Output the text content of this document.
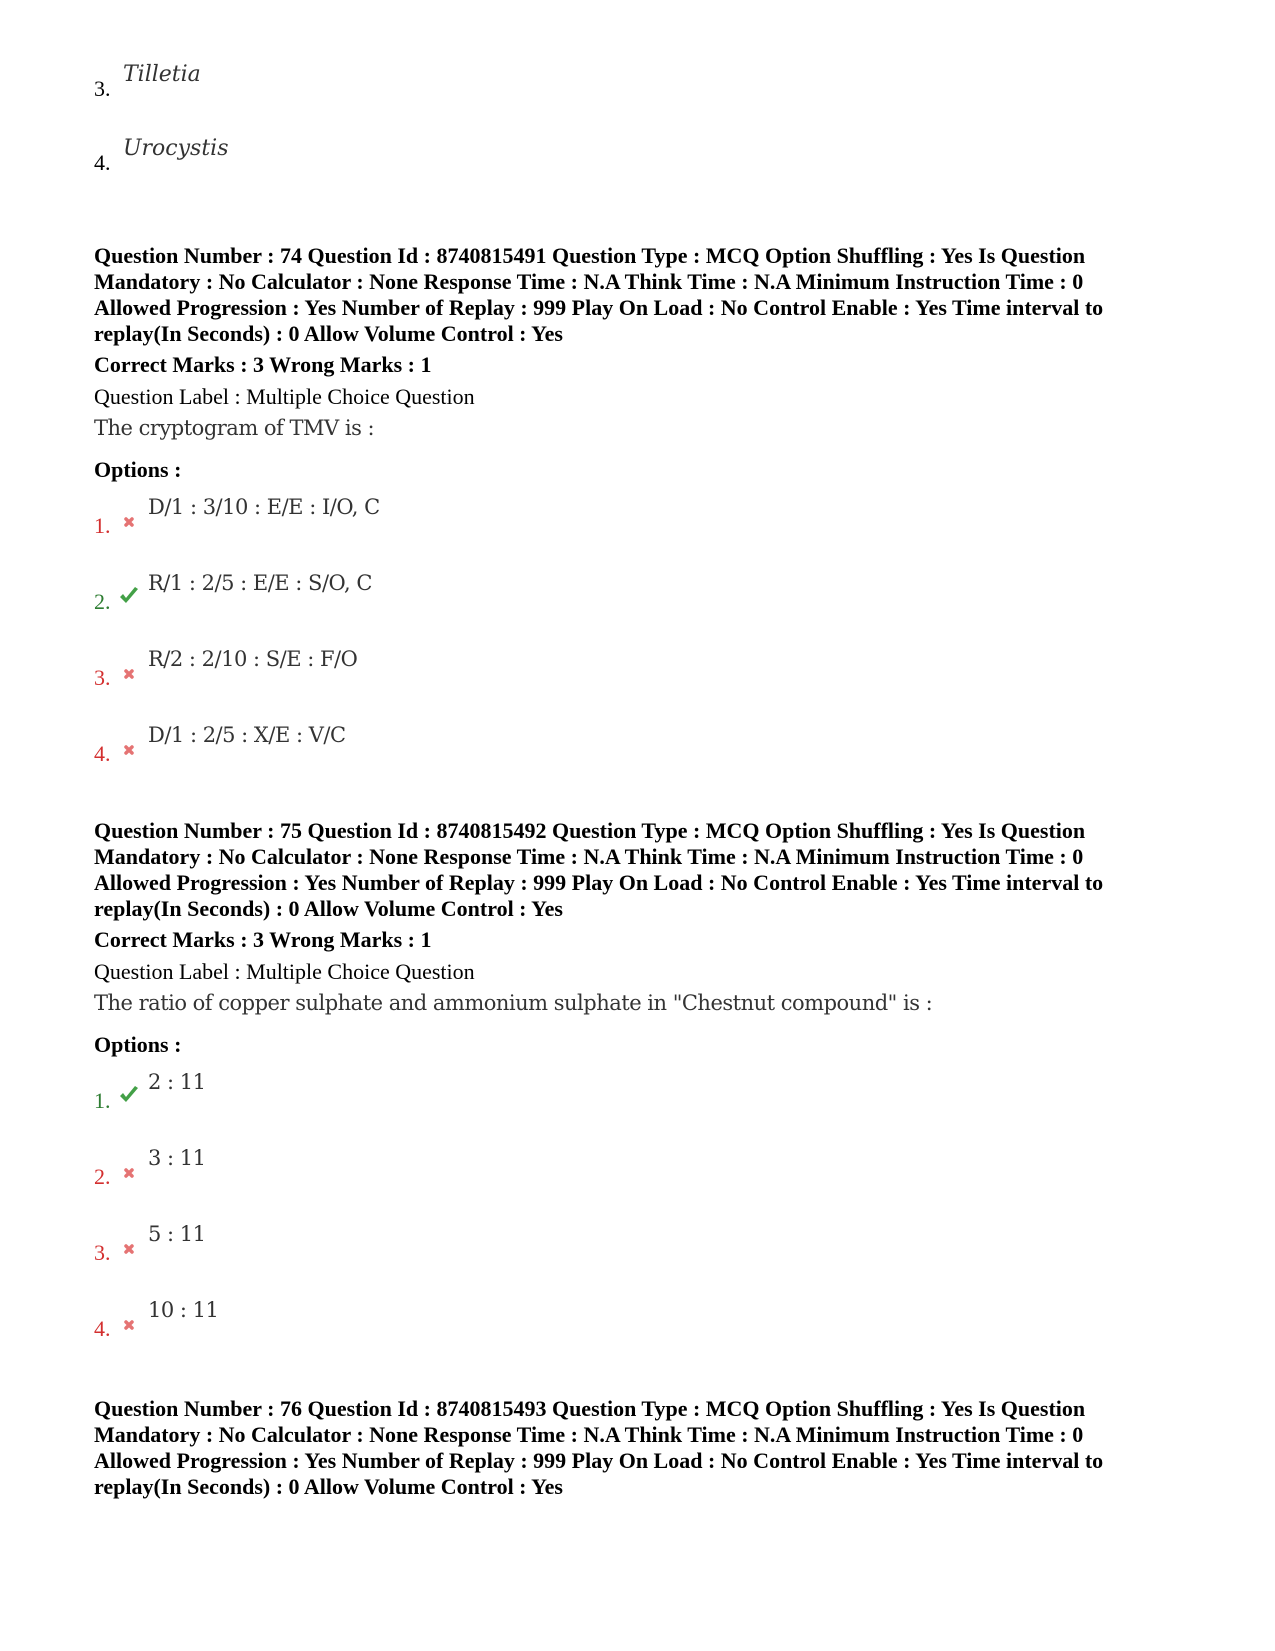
3.
Tilletia
4.
Urocystis
Question Number : 74 Question Id : 8740815491 Question Type : MCQ Option Shuffling : Yes Is Question
Mandatory : No Calculator : None Response Time : N.A Think Time : N.A Minimum Instruction Time : 0
Allowed Progression : Yes Number of Replay : 999 Play On Load : No Control Enable : Yes Time interval to
replay(In Seconds) : 0 Allow Volume Control : Yes
Correct Marks : 3 Wrong Marks : 1
Question Label : Multiple Choice Question
The cryptogram of TMV is :
Options :
1.
D/1 : 3/10 : E/E : I/O, C
2.
R/1 : 2/5 : E/E : S/O, C
3.
R/2 : 2/10 : S/E : F/O
4.
D/1 : 2/5 : X/E : V/C
Question Number : 75 Question Id : 8740815492 Question Type : MCQ Option Shuffling : Yes Is Question
Mandatory : No Calculator : None Response Time : N.A Think Time : N.A Minimum Instruction Time : 0
Allowed Progression : Yes Number of Replay : 999 Play On Load : No Control Enable : Yes Time interval to
replay(In Seconds) : 0 Allow Volume Control : Yes
Correct Marks : 3 Wrong Marks : 1
Question Label : Multiple Choice Question
The ratio of copper sulphate and ammonium sulphate in "Chestnut compound" is :
Options :
1.
2 : 11
2.
3 : 11
3.
5 : 11
4.
10 : 11
Question Number : 76 Question Id : 8740815493 Question Type : MCQ Option Shuffling : Yes Is Question
Mandatory : No Calculator : None Response Time : N.A Think Time : N.A Minimum Instruction Time : 0
Allowed Progression : Yes Number of Replay : 999 Play On Load : No Control Enable : Yes Time interval to
replay(In Seconds) : 0 Allow Volume Control : Yes
